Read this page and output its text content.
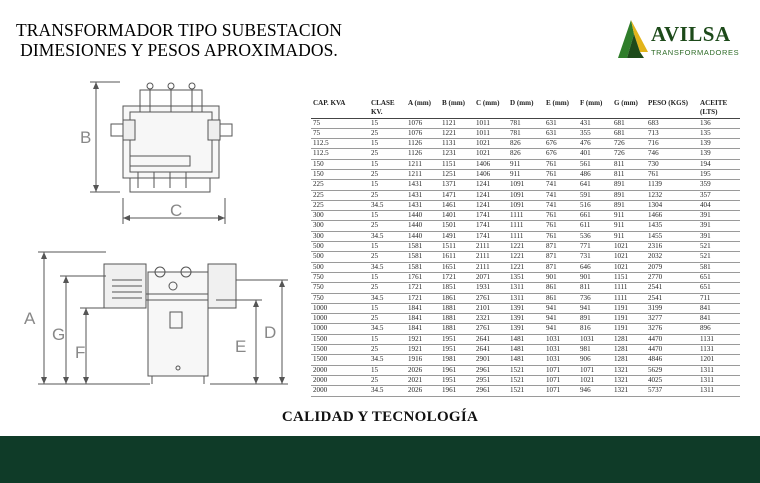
TRANSFORMADOR TIPO SUBESTACION
DIMESIONES Y PESOS APROXIMADOS.
AVILSA
TRANSFORMADORES
B
C
A
G
F
D
E
CAP. KVA	CLASE KV.	A (mm)	B (mm)	C (mm)	D (mm)	E (mm)	F (mm)	G (mm)	PESO (KGS)	ACEITE (LTS)
75	15	1076	1121	1011	781	631	431	681	683	136
75	25	1076	1221	1011	781	631	355	681	713	135
112.5	15	1126	1131	1021	826	676	476	726	716	139
112.5	25	1126	1231	1021	826	676	401	726	746	139
150	15	1211	1151	1406	911	761	561	811	730	194
150	25	1211	1251	1406	911	761	486	811	761	195
225	15	1431	1371	1241	1091	741	641	891	1139	359
225	25	1431	1471	1241	1091	741	591	891	1232	357
225	34.5	1431	1461	1241	1091	741	516	891	1304	404
300	15	1440	1401	1741	1111	761	661	911	1466	391
300	25	1440	1501	1741	1111	761	611	911	1435	391
300	34.5	1440	1491	1741	1111	761	536	911	1455	391
500	15	1581	1511	2111	1221	871	771	1021	2316	521
500	25	1581	1611	2111	1221	871	731	1021	2032	521
500	34.5	1581	1651	2111	1221	871	646	1021	2079	581
750	15	1761	1721	2071	1351	901	901	1151	2770	651
750	25	1721	1851	1931	1311	861	811	1111	2541	651
750	34.5	1721	1861	2761	1311	861	736	1111	2541	711
1000	15	1841	1881	2101	1391	941	941	1191	3199	841
1000	25	1841	1881	2321	1391	941	891	1191	3277	841
1000	34.5	1841	1881	2761	1391	941	816	1191	3276	896
1500	15	1921	1951	2641	1481	1031	1031	1281	4470	1131
1500	25	1921	1951	2641	1481	1031	981	1281	4470	1131
1500	34.5	1916	1981	2901	1481	1031	906	1281	4846	1201
2000	15	2026	1961	2961	1521	1071	1071	1321	5629	1311
2000	25	2021	1951	2951	1521	1071	1021	1321	4025	1311
2000	34.5	2026	1961	2961	1521	1071	946	1321	5737	1311
CALIDAD Y TECNOLOGÍA
